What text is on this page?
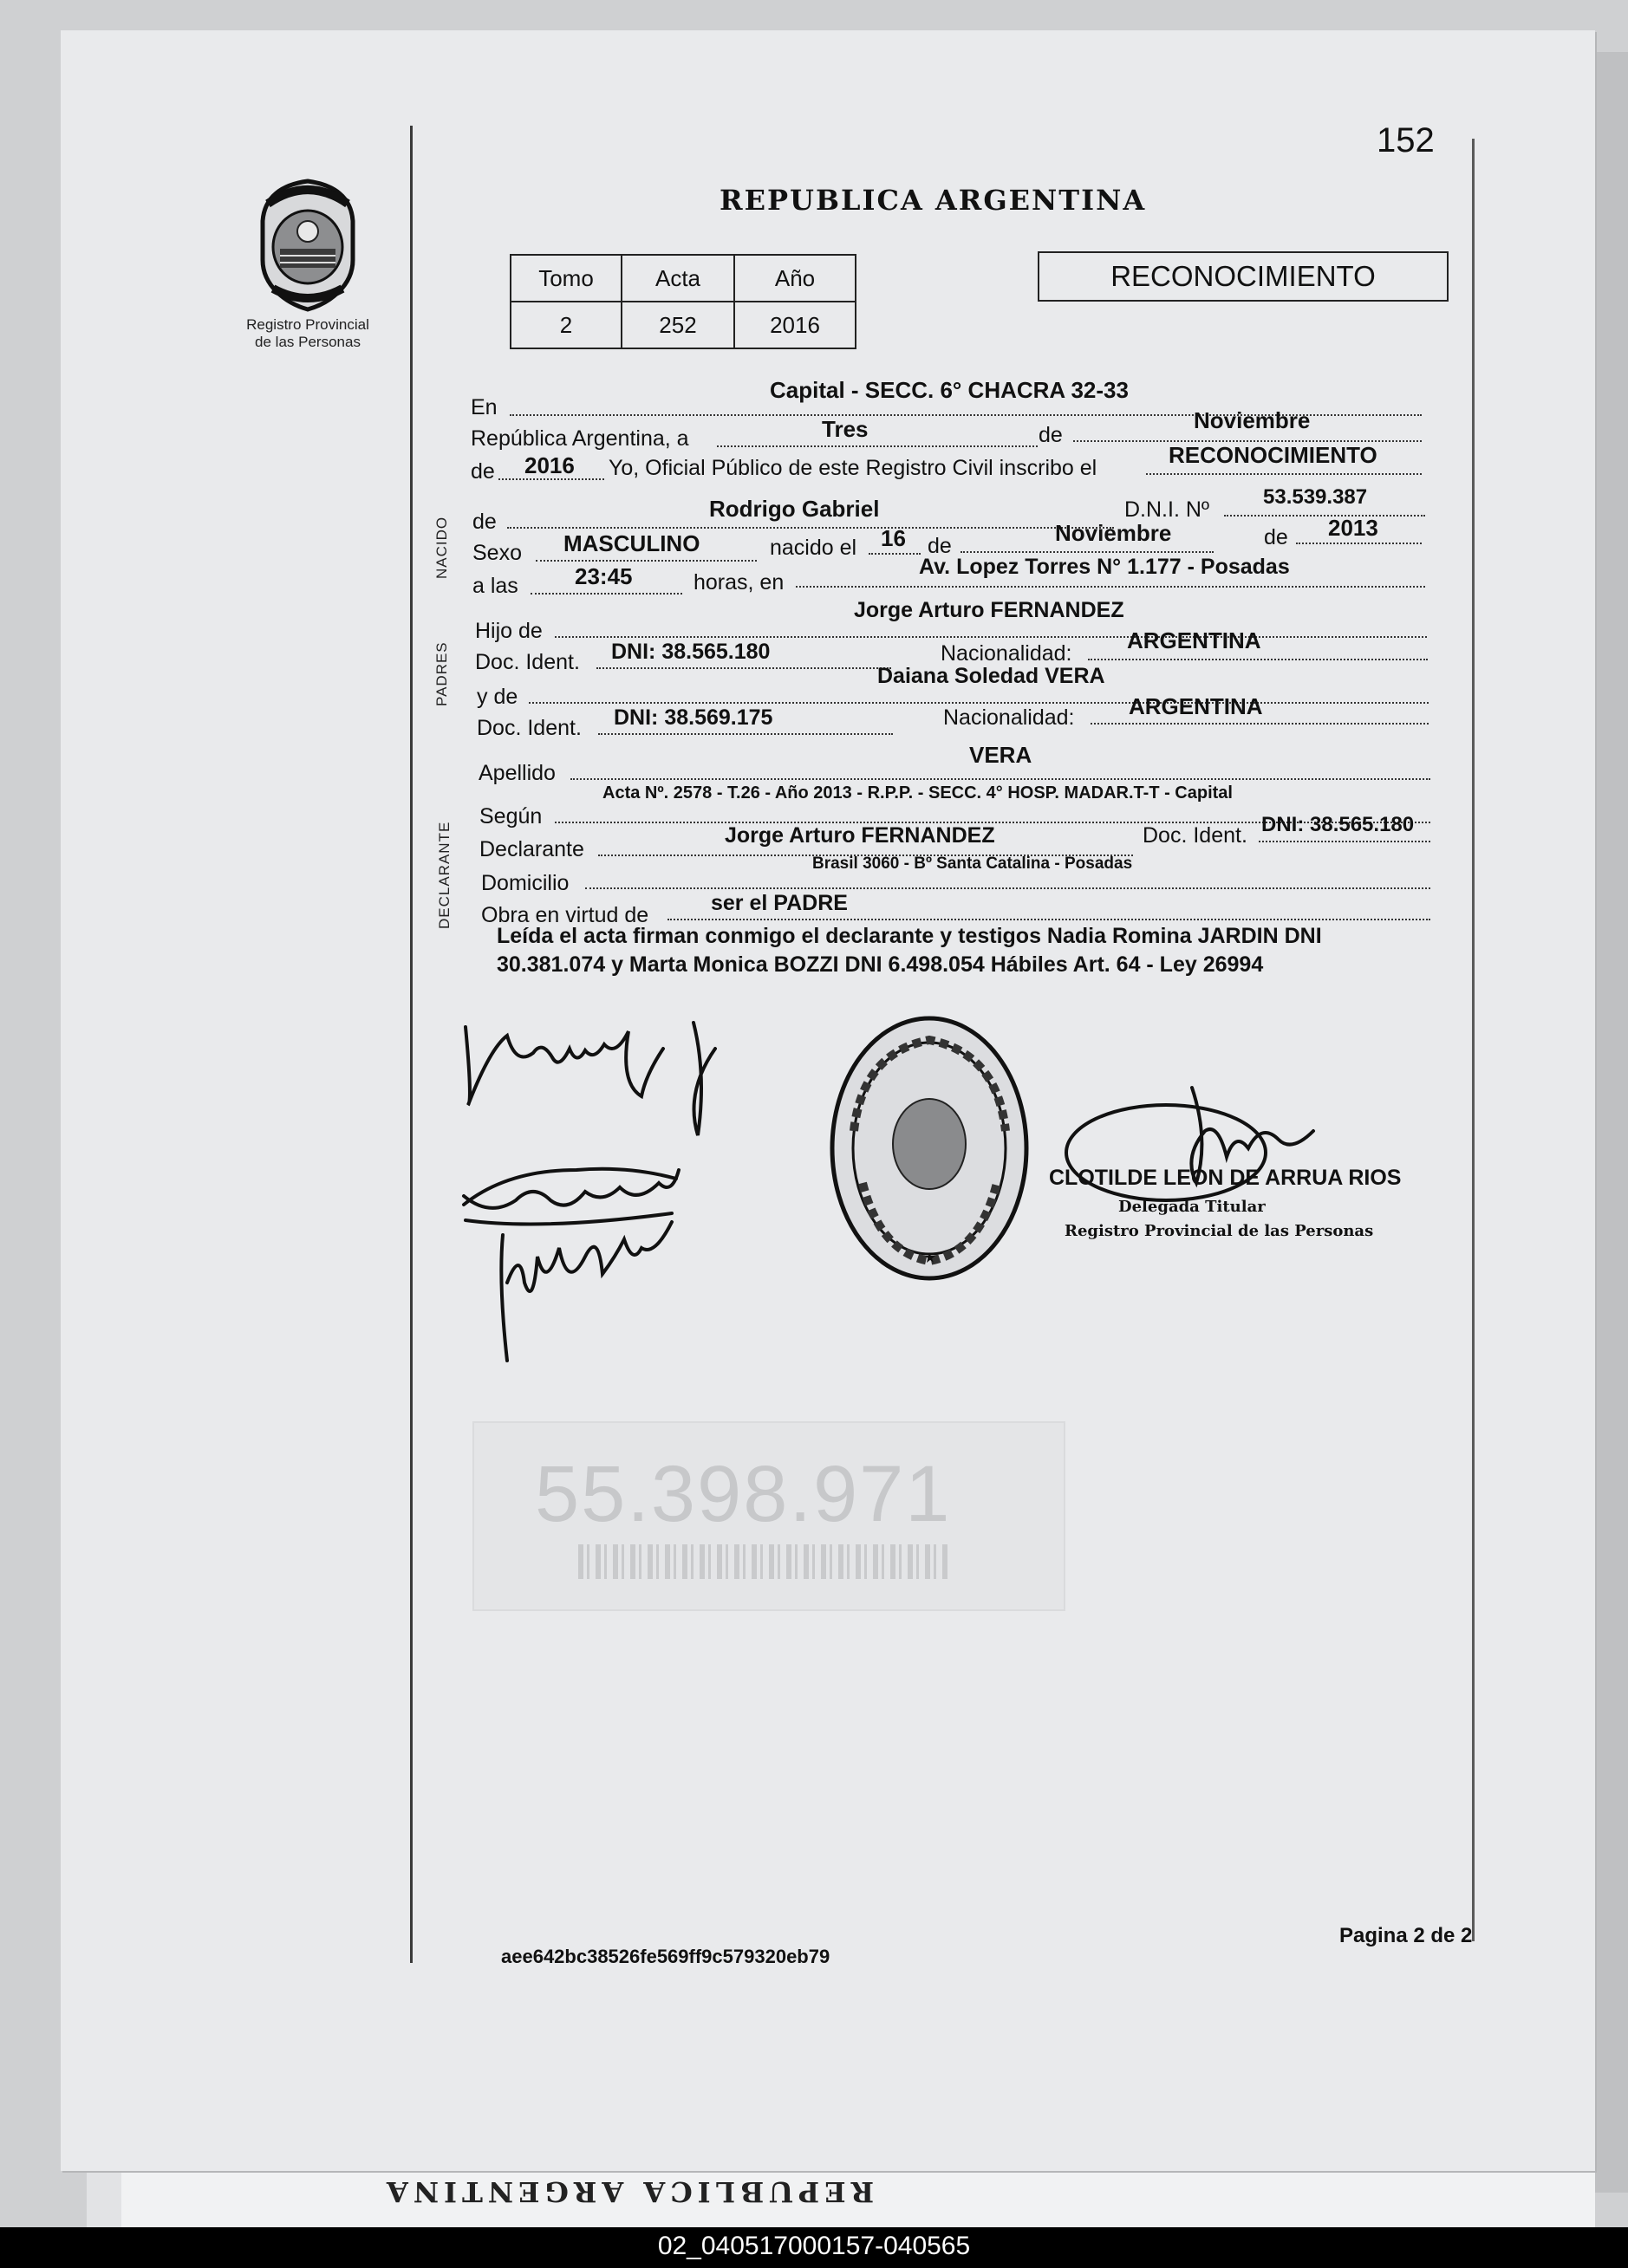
REPUBLICA ARGENTINA
Registro Provincial
de las Personas
152
REPUBLICA ARGENTINA
Tomo	Acta	Año
2	252	2016
RECONOCIMIENTO
NACIDO
PADRES
DECLARANTE
En
Capital - SECC. 6° CHACRA 32-33
República Argentina, a	Tres	de
Noviembre
de 2016 Yo, Oficial Público de este Registro Civil inscribo el	RECONOCIMIENTO
de	Rodrigo Gabriel	D.N.I. Nº
53.539.387
Sexo MASCULINO	nacido el 16 de	Noviembre	de 2013
a las	23:45	horas, en
Av. Lopez Torres N° 1.177 - Posadas
Hijo de
Jorge Arturo FERNANDEZ
Doc. Ident. DNI: 38.565.180	Nacionalidad: ARGENTINA
y de
Daiana Soledad VERA
Doc. Ident. DNI: 38.569.175	Nacionalidad: ARGENTINA
Apellido
VERA
Según
Acta Nº. 2578 - T.26 - Año 2013 - R.P.P. - SECC. 4° HOSP. MADAR.T-T - Capital
Declarante
Jorge Arturo FERNANDEZ	Doc. Ident. DNI: 38.565.180
Domicilio
Brasil 3060 - Bº Santa Catalina - Posadas
Obra en virtud de	ser el PADRE
Leída el acta firman conmigo el declarante y testigos Nadia Romina JARDIN DNI 30.381.074 y Marta Monica BOZZI DNI 6.498.054 Hábiles Art. 64 - Ley 26994
CLOTILDE LEON DE ARRUA RIOS
Delegada Titular
Registro Provincial de las Personas
55.398.971
aee642bc38526fe569ff9c579320eb79
Pagina 2 de 2
02_040517000157-040565
